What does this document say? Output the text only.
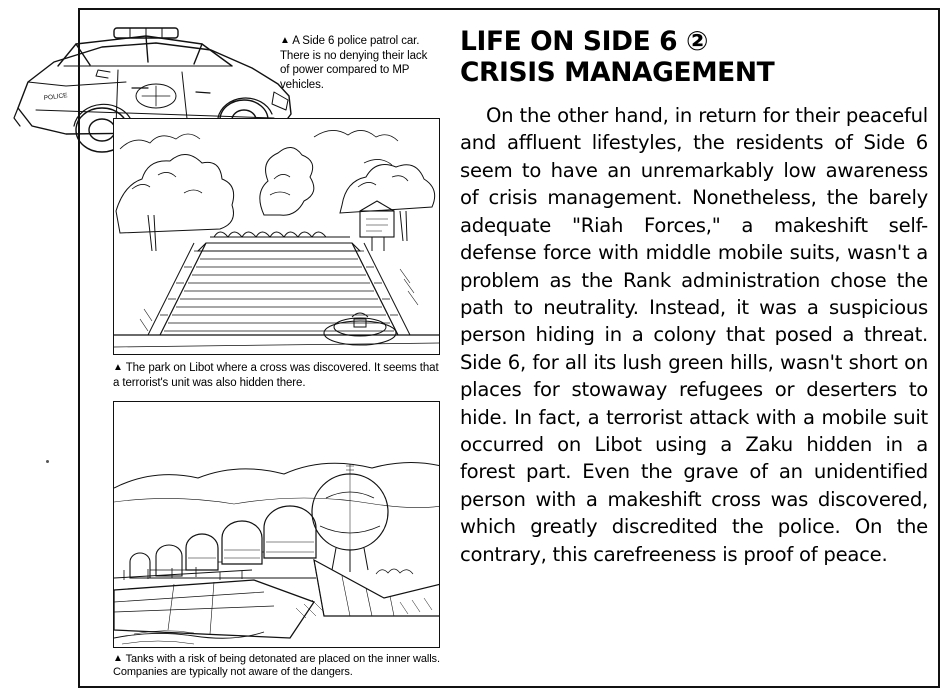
POLICE
▲ A Side 6 police patrol car. There is no denying their lack of power compared to MP vehicles.
▲ The park on Libot where a cross was discovered. It seems that a terrorist's unit was also hidden there.
▲ Tanks with a risk of being detonated are placed on the inner walls. Companies are typically not aware of the dangers.
LIFE ON SIDE 6 ②
CRISIS MANAGEMENT

On the other hand, in return for their peaceful and affluent lifestyles, the residents of Side 6 seem to have an unremarkably low awareness of crisis management. Nonetheless, the barely adequate "Riah Forces," a makeshift self-defense force with middle mobile suits, wasn't a problem as the Rank administration chose the path to neutrality. Instead, it was a suspicious person hiding in a colony that posed a threat. Side 6, for all its lush green hills, wasn't short on places for stowaway refugees or deserters to hide. In fact, a terrorist attack with a mobile suit occurred on Libot using a Zaku hidden in a forest part. Even the grave of an unidentified person with a makeshift cross was discovered, which greatly discredited the police. On the contrary, this carefreeness is proof of peace.
